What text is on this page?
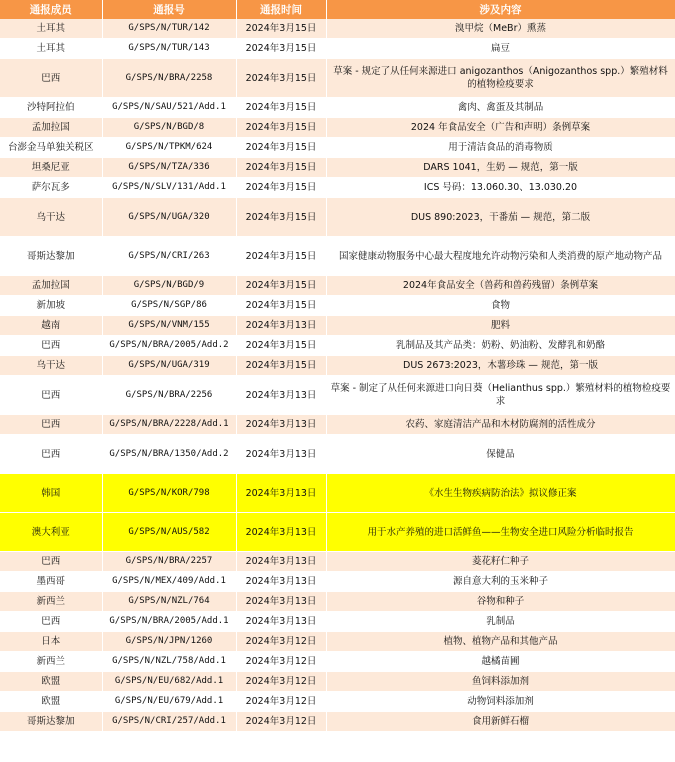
通报成员	通报号	通报时间	涉及内容
土耳其	G/SPS/N/TUR/142	2024年3月15日	溴甲烷（MeBr）熏蒸
土耳其	G/SPS/N/TUR/143	2024年3月15日	扁豆
巴西	G/SPS/N/BRA/2258	2024年3月15日	草案 - 规定了从任何来源进口 anigozanthos（Anigozanthos spp.）繁殖材料的植物检疫要求
沙特阿拉伯	G/SPS/N/SAU/521/Add.1	2024年3月15日	禽肉、禽蛋及其制品
孟加拉国	G/SPS/N/BGD/8	2024年3月15日	2024 年食品安全（广告和声明）条例草案
台澎金马单独关税区	G/SPS/N/TPKM/624	2024年3月15日	用于清洁食品的消毒物质
坦桑尼亚	G/SPS/N/TZA/336	2024年3月15日	DARS 1041，生奶 — 规范，第一版
萨尔瓦多	G/SPS/N/SLV/131/Add.1	2024年3月15日	ICS 号码：13.060.30、13.030.20
乌干达	G/SPS/N/UGA/320	2024年3月15日	DUS 890:2023，干番茄 — 规范，第二版
哥斯达黎加	G/SPS/N/CRI/263	2024年3月15日	国家健康动物服务中心最大程度地允许动物污染和人类消费的原产地动物产品
孟加拉国	G/SPS/N/BGD/9	2024年3月15日	2024年食品安全（兽药和兽药残留）条例草案
新加坡	G/SPS/N/SGP/86	2024年3月15日	食物
越南	G/SPS/N/VNM/155	2024年3月13日	肥料
巴西	G/SPS/N/BRA/2005/Add.2	2024年3月15日	乳制品及其产品类：奶粉、奶油粉、发酵乳和奶酪
乌干达	G/SPS/N/UGA/319	2024年3月15日	DUS 2673:2023，木薯珍珠 — 规范，第一版
巴西	G/SPS/N/BRA/2256	2024年3月13日	草案 - 制定了从任何来源进口向日葵（Helianthus spp.）繁殖材料的植物检疫要求
巴西	G/SPS/N/BRA/2228/Add.1	2024年3月13日	农药、家庭清洁产品和木材防腐剂的活性成分
巴西	G/SPS/N/BRA/1350/Add.2	2024年3月13日	保健品
韩国	G/SPS/N/KOR/798	2024年3月13日	《水生生物疾病防治法》拟议修正案
澳大利亚	G/SPS/N/AUS/582	2024年3月13日	用于水产养殖的进口活鲜鱼——生物安全进口风险分析临时报告
巴西	G/SPS/N/BRA/2257	2024年3月13日	菱花籽仁种子
墨西哥	G/SPS/N/MEX/409/Add.1	2024年3月13日	源自意大利的玉米种子
新西兰	G/SPS/N/NZL/764	2024年3月13日	谷物和种子
巴西	G/SPS/N/BRA/2005/Add.1	2024年3月13日	乳制品
日本	G/SPS/N/JPN/1260	2024年3月12日	植物、植物产品和其他产品
新西兰	G/SPS/N/NZL/758/Add.1	2024年3月12日	越橘苗圃
欧盟	G/SPS/N/EU/682/Add.1	2024年3月12日	鱼饲料添加剂
欧盟	G/SPS/N/EU/679/Add.1	2024年3月12日	动物饲料添加剂
哥斯达黎加	G/SPS/N/CRI/257/Add.1	2024年3月12日	食用新鲜石榴
